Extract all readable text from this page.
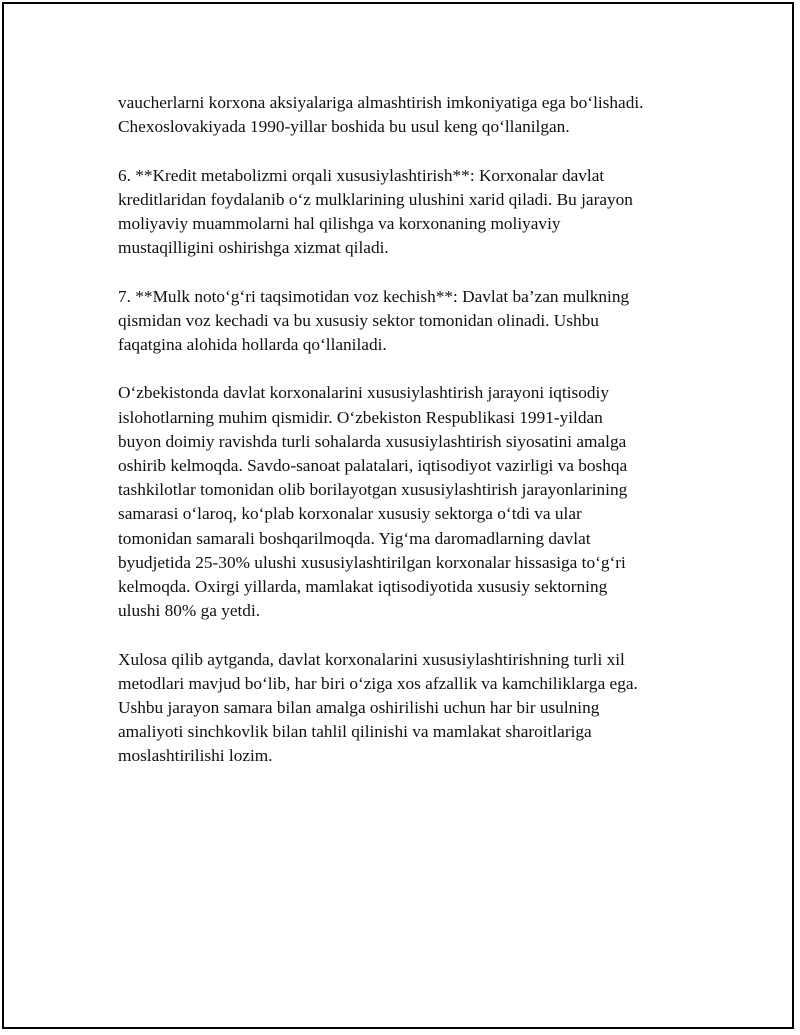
vaucherlarni korxona aksiyalariga almashtirish imkoniyatiga ega bo‘lishadi.
Chexoslovakiyada 1990-yillar boshida bu usul keng qo‘llanilgan.

6. **Kredit metabolizmi orqali xususiylashtirish**: Korxonalar davlat
kreditlaridan foydalanib o‘z mulklarining ulushini xarid qiladi. Bu jarayon
moliyaviy muammolarni hal qilishga va korxonaning moliyaviy
mustaqilligini oshirishga xizmat qiladi.

7. **Mulk noto‘g‘ri taqsimotidan voz kechish**: Davlat ba’zan mulkning
qismidan voz kechadi va bu xususiy sektor tomonidan olinadi. Ushbu
faqatgina alohida hollarda qo‘llaniladi.

O‘zbekistonda davlat korxonalarini xususiylashtirish jarayoni iqtisodiy
islohotlarning muhim qismidir. O‘zbekiston Respublikasi 1991-yildan
buyon doimiy ravishda turli sohalarda xususiylashtirish siyosatini amalga
oshirib kelmoqda. Savdo-sanoat palatalari, iqtisodiyot vazirligi va boshqa
tashkilotlar tomonidan olib borilayotgan xususiylashtirish jarayonlarining
samarasi o‘laroq, ko‘plab korxonalar xususiy sektorga o‘tdi va ular
tomonidan samarali boshqarilmoqda. Yig‘ma daromadlarning davlat
byudjetida 25-30% ulushi xususiylashtirilgan korxonalar hissasiga to‘g‘ri
kelmoqda. Oxirgi yillarda, mamlakat iqtisodiyotida xususiy sektorning
ulushi 80% ga yetdi.

Xulosa qilib aytganda, davlat korxonalarini xususiylashtirishning turli xil
metodlari mavjud bo‘lib, har biri o‘ziga xos afzallik va kamchiliklarga ega.
Ushbu jarayon samara bilan amalga oshirilishi uchun har bir usulning
amaliyoti sinchkovlik bilan tahlil qilinishi va mamlakat sharoitlariga
moslashtirilishi lozim.
